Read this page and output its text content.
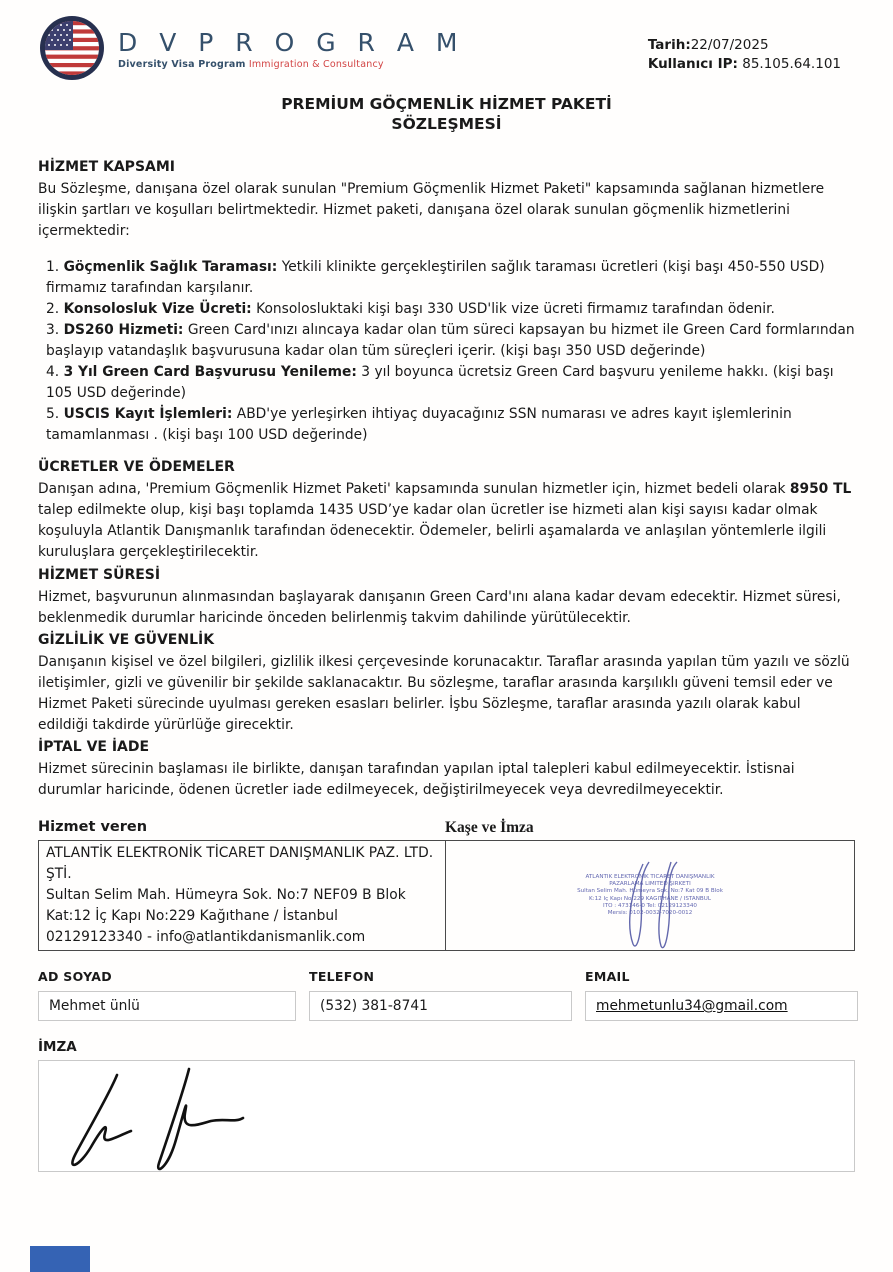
D V P R O G R A M
Diversity Visa Program Immigration & Consultancy
Tarih:22/07/2025
Kullanıcı IP: 85.105.64.101
PREMİUM GÖÇMENLİK HİZMET PAKETİ
SÖZLEŞMESİ

HİZMET KAPSAMI

Bu Sözleşme, danışana özel olarak sunulan "Premium Göçmenlik Hizmet Paketi" kapsamında sağlanan hizmetlere ilişkin şartları ve koşulları belirtmektedir. Hizmet paketi, danışana özel olarak sunulan göçmenlik hizmetlerini içermektedir:

1. Göçmenlik Sağlık Taraması: Yetkili klinikte gerçekleştirilen sağlık taraması ücretleri (kişi başı 450-550 USD) firmamız tarafından karşılanır.

2. Konsolosluk Vize Ücreti: Konsolosluktaki kişi başı 330 USD'lik vize ücreti firmamız tarafından ödenir.

3. DS260 Hizmeti: Green Card'ınızı alıncaya kadar olan tüm süreci kapsayan bu hizmet ile Green Card formlarından başlayıp vatandaşlık başvurusuna kadar olan tüm süreçleri içerir. (kişi başı 350 USD değerinde)

4. 3 Yıl Green Card Başvurusu Yenileme: 3 yıl boyunca ücretsiz Green Card başvuru yenileme hakkı. (kişi başı 105 USD değerinde)

5. USCIS Kayıt İşlemleri: ABD'ye yerleşirken ihtiyaç duyacağınız SSN numarası ve adres kayıt işlemlerinin tamamlanması . (kişi başı 100 USD değerinde)

ÜCRETLER VE ÖDEMELER

Danışan adına, 'Premium Göçmenlik Hizmet Paketi' kapsamında sunulan hizmetler için, hizmet bedeli olarak 8950 TL talep edilmekte olup, kişi başı toplamda 1435 USD’ye kadar olan ücretler ise hizmeti alan kişi sayısı kadar olmak koşuluyla Atlantik Danışmanlık tarafından ödenecektir. Ödemeler, belirli aşamalarda ve anlaşılan yöntemlerle ilgili kuruluşlara gerçekleştirilecektir.

HİZMET SÜRESİ

Hizmet, başvurunun alınmasından başlayarak danışanın Green Card'ını alana kadar devam edecektir. Hizmet süresi, beklenmedik durumlar haricinde önceden belirlenmiş takvim dahilinde yürütülecektir.

GİZLİLİK VE GÜVENLİK

Danışanın kişisel ve özel bilgileri, gizlilik ilkesi çerçevesinde korunacaktır. Taraflar arasında yapılan tüm yazılı ve sözlü iletişimler, gizli ve güvenilir bir şekilde saklanacaktır. Bu sözleşme, taraflar arasında karşılıklı güveni temsil eder ve Hizmet Paketi sürecinde uyulması gereken esasları belirler. İşbu Sözleşme, taraflar arasında yazılı olarak kabul edildiği takdirde yürürlüğe girecektir.

İPTAL VE İADE

Hizmet sürecinin başlaması ile birlikte, danışan tarafından yapılan iptal talepleri kabul edilmeyecektir. İstisnai durumlar haricinde, ödenen ücretler iade edilmeyecek, değiştirilmeyecek veya devredilmeyecektir.

Hizmet veren	Kaşe ve İmza
ATLANTİK ELEKTRONİK TİCARET DANIŞMANLIK PAZ. LTD. ŞTİ.
Sultan Selim Mah. Hümeyra Sok. No:7 NEF09 B Blok
Kat:12 İç Kapı No:229 Kağıthane / İstanbul
02129123340 - info@atlantikdanismanlik.com
ATLANTİK ELEKTRONİK TİCARET DANIŞMANLIK
PAZARLAMA LİMİTED ŞİRKETİ
Sultan Selim Mah. Hümeyra Sok. No:7 Kat 09 B Blok
K:12 İç Kapı No:229 KAĞITHANE / İSTANBUL
İTO : 473146-0 Tel: 02129123340
Mersis: 0102-0032-7020-0012
AD SOYAD
Mehmet ünlü
TELEFON
(532) 381-8741
EMAIL
mehmetunlu34@gmail.com
İMZA
